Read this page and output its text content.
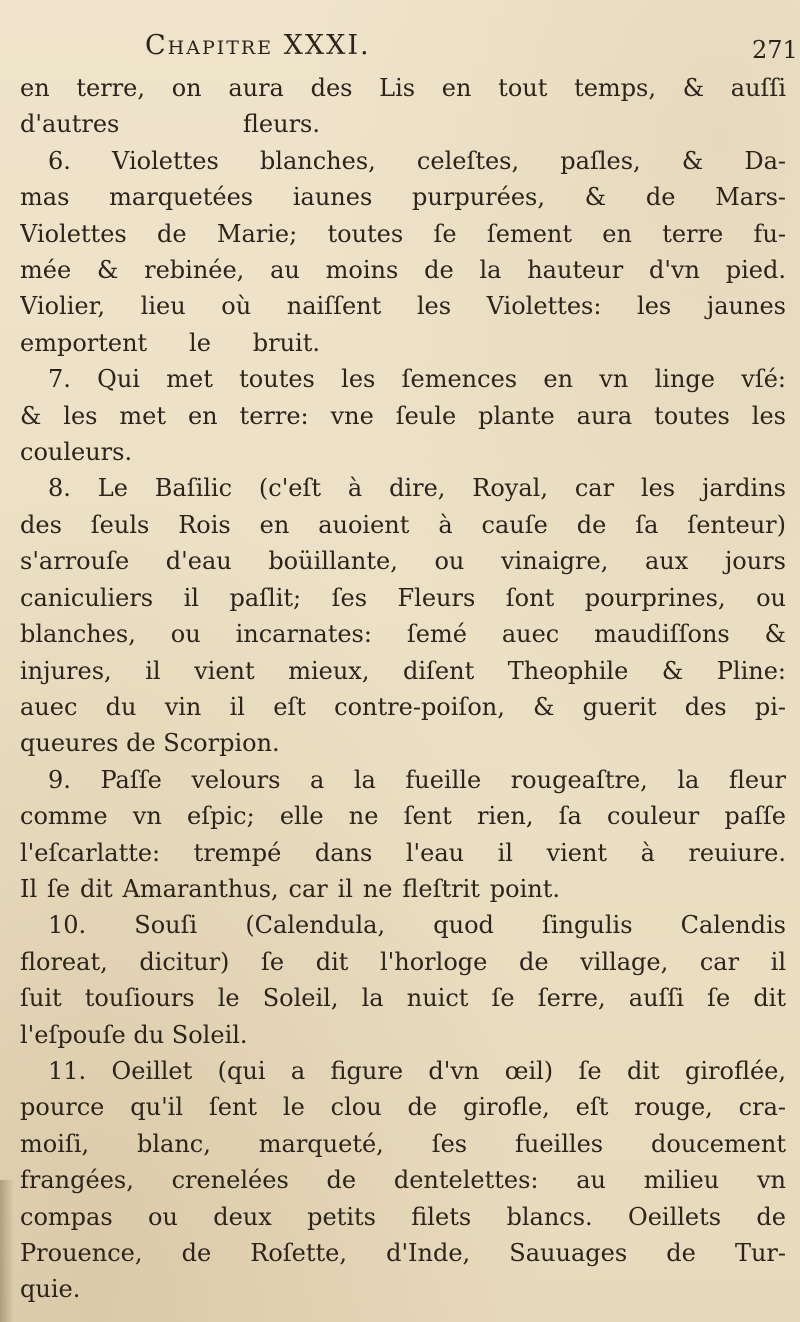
Chapitre XXXI.	271
en terre, on aura des Lis en tout temps, & auſſi
d'autres fleurs.
6. Violettes blanches, celeſtes, paſles, & Da-
mas marquetées iaunes purpurées, & de Mars-
Violettes de Marie; toutes ſe ſement en terre fu-
mée & rebinée, au moins de la hauteur d'vn pied.
Violier, lieu où naiſſent les Violettes: les jaunes
emportent le bruit.
7. Qui met toutes les ſemences en vn linge vſé:
& les met en terre: vne ſeule plante aura toutes les
couleurs.
8. Le Baſilic (c'eſt à dire, Royal, car les jardins
des ſeuls Rois en auoient à cauſe de ſa ſenteur)
s'arrouſe d'eau boüillante, ou vinaigre, aux jours
caniculiers il paſlit; ſes Fleurs ſont pourprines, ou
blanches, ou incarnates: ſemé auec maudiſſons &
injures, il vient mieux, diſent Theophile & Pline:
auec du vin il eſt contre-poiſon, & guerit des pi-
queures de Scorpion.
9. Paſſe velours a la fueille rougeaſtre, la fleur
comme vn eſpic; elle ne ſent rien, ſa couleur paſſe
l'eſcarlatte: trempé dans l'eau il vient à reuiure.
Il ſe dit Amaranthus, car il ne fleſtrit point.
10. Souſi (Calendula, quod ſingulis Calendis
floreat, dicitur) ſe dit l'horloge de village, car il
ſuit touſiours le Soleil, la nuict ſe ſerre, auſſi ſe dit
l'eſpouſe du Soleil.
11. Oeillet (qui a figure d'vn œil) ſe dit giroflée,
pource qu'il ſent le clou de girofle, eſt rouge, cra-
moiſi, blanc, marqueté, ſes fueilles doucement
frangées, crenelées de dentelettes: au milieu vn
compas ou deux petits filets blancs. Oeillets de
Prouence, de Roſette, d'Inde, Sauuages de Tur-
quie.
